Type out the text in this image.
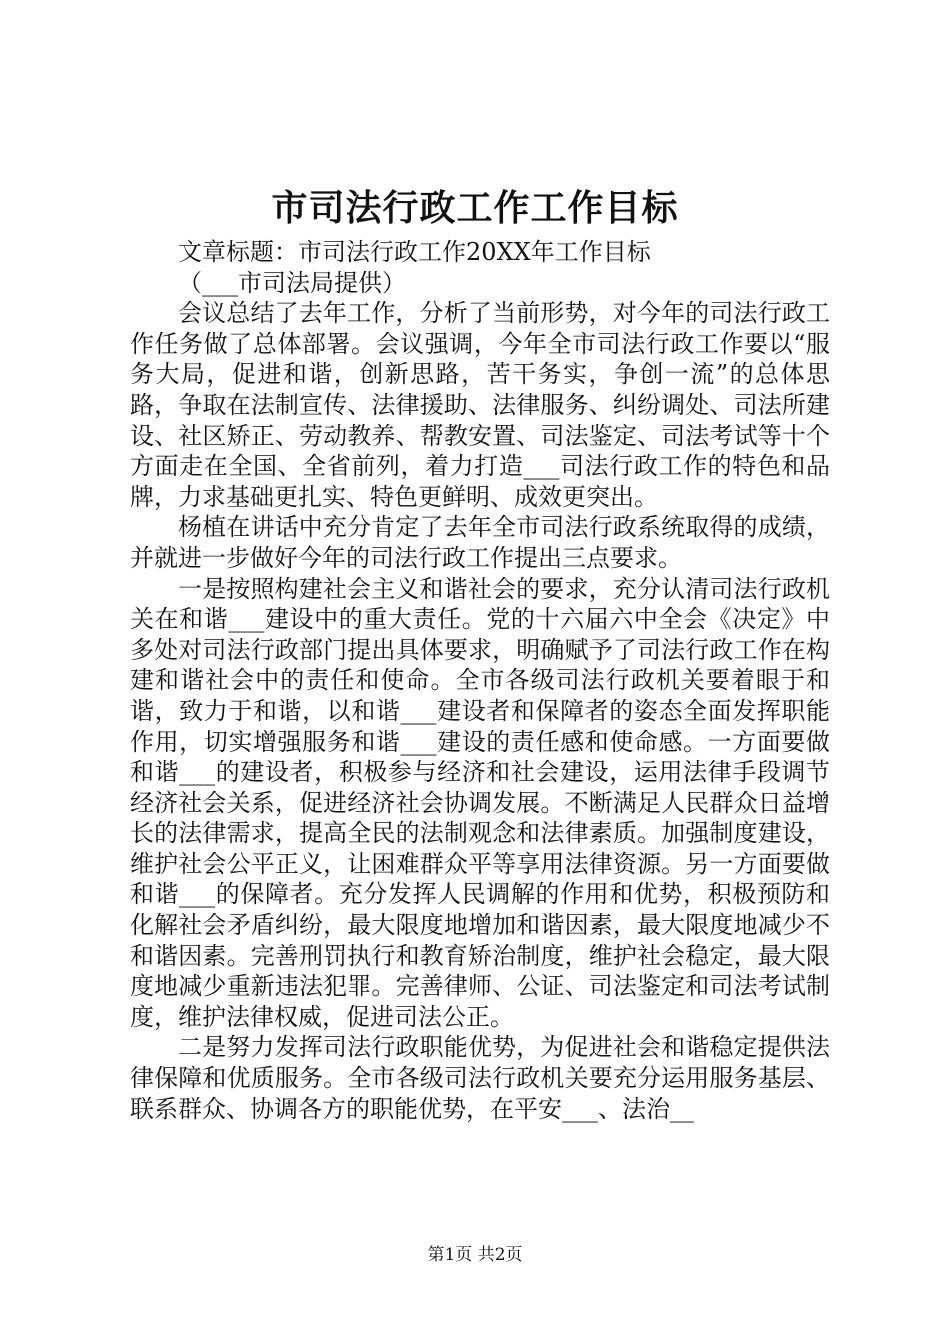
市司法行政工作工作目标

文章标题：市司法行政工作20XX年工作目标

（___市司法局提供）

会议总结了去年工作，分析了当前形势，对今年的司法行政工作任务做了总体部署。会议强调，今年全市司法行政工作要以“服务大局，促进和谐，创新思路，苦干务实，争创一流”的总体思路，争取在法制宣传、法律援助、法律服务、纠纷调处、司法所建设、社区矫正、劳动教养、帮教安置、司法鉴定、司法考试等十个方面走在全国、全省前列，着力打造___司法行政工作的特色和品牌，力求基础更扎实、特色更鲜明、成效更突出。

杨植在讲话中充分肯定了去年全市司法行政系统取得的成绩，并就进一步做好今年的司法行政工作提出三点要求。

一是按照构建社会主义和谐社会的要求，充分认清司法行政机关在和谐___建设中的重大责任。党的十六届六中全会《决定》中多处对司法行政部门提出具体要求，明确赋予了司法行政工作在构建和谐社会中的责任和使命。全市各级司法行政机关要着眼于和谐，致力于和谐，以和谐___建设者和保障者的姿态全面发挥职能作用，切实增强服务和谐___建设的责任感和使命感。一方面要做和谐___的建设者，积极参与经济和社会建设，运用法律手段调节经济社会关系，促进经济社会协调发展。不断满足人民群众日益增长的法律需求，提高全民的法制观念和法律素质。加强制度建设，维护社会公平正义，让困难群众平等享用法律资源。另一方面要做和谐___的保障者。充分发挥人民调解的作用和优势，积极预防和化解社会矛盾纠纷，最大限度地增加和谐因素，最大限度地减少不和谐因素。完善刑罚执行和教育矫治制度，维护社会稳定，最大限度地减少重新违法犯罪。完善律师、公证、司法鉴定和司法考试制度，维护法律权威，促进司法公正。

二是努力发挥司法行政职能优势，为促进社会和谐稳定提供法律保障和优质服务。全市各级司法行政机关要充分运用服务基层、联系群众、协调各方的职能优势，在平安___、法治__

第1页 共2页
